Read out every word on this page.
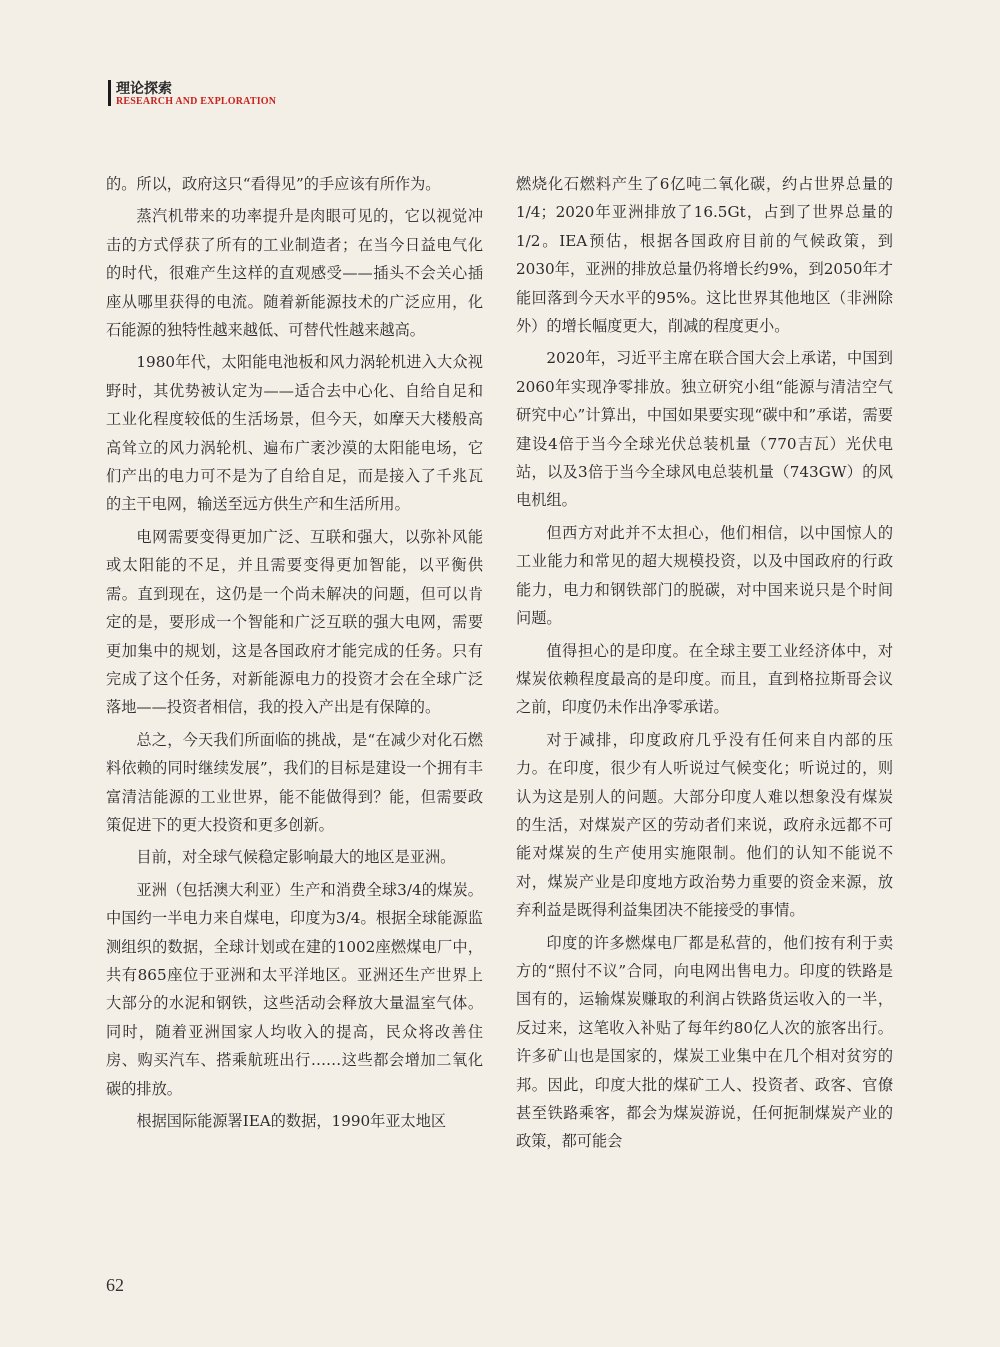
理论探索
RESEARCH AND EXPLORATION

的。所以，政府这只“看得见”的手应该有所作为。

蒸汽机带来的功率提升是肉眼可见的，它以视觉冲击的方式俘获了所有的工业制造者；在当今日益电气化的时代，很难产生这样的直观感受——插头不会关心插座从哪里获得的电流。随着新能源技术的广泛应用，化石能源的独特性越来越低、可替代性越来越高。

1980年代，太阳能电池板和风力涡轮机进入大众视野时，其优势被认定为——适合去中心化、自给自足和工业化程度较低的生活场景，但今天，如摩天大楼般高高耸立的风力涡轮机、遍布广袤沙漠的太阳能电场，它们产出的电力可不是为了自给自足，而是接入了千兆瓦的主干电网，输送至远方供生产和生活所用。

电网需要变得更加广泛、互联和强大，以弥补风能或太阳能的不足，并且需要变得更加智能，以平衡供需。直到现在，这仍是一个尚未解决的问题，但可以肯定的是，要形成一个智能和广泛互联的强大电网，需要更加集中的规划，这是各国政府才能完成的任务。只有完成了这个任务，对新能源电力的投资才会在全球广泛落地——投资者相信，我的投入产出是有保障的。

总之，今天我们所面临的挑战，是“在减少对化石燃料依赖的同时继续发展”，我们的目标是建设一个拥有丰富清洁能源的工业世界，能不能做得到？能，但需要政策促进下的更大投资和更多创新。

目前，对全球气候稳定影响最大的地区是亚洲。

亚洲（包括澳大利亚）生产和消费全球3/4的煤炭。中国约一半电力来自煤电，印度为3/4。根据全球能源监测组织的数据，全球计划或在建的1002座燃煤电厂中，共有865座位于亚洲和太平洋地区。亚洲还生产世界上大部分的水泥和钢铁，这些活动会释放大量温室气体。同时，随着亚洲国家人均收入的提高，民众将改善住房、购买汽车、搭乘航班出行……这些都会增加二氧化碳的排放。

根据国际能源署IEA的数据，1990年亚太地区

燃烧化石燃料产生了6亿吨二氧化碳，约占世界总量的1/4；2020年亚洲排放了16.5Gt，占到了世界总量的1/2。IEA预估，根据各国政府目前的气候政策，到2030年，亚洲的排放总量仍将增长约9%，到2050年才能回落到今天水平的95%。这比世界其他地区（非洲除外）的增长幅度更大，削减的程度更小。

2020年，习近平主席在联合国大会上承诺，中国到2060年实现净零排放。独立研究小组“能源与清洁空气研究中心”计算出，中国如果要实现“碳中和”承诺，需要建设4倍于当今全球光伏总装机量（770吉瓦）光伏电站，以及3倍于当今全球风电总装机量（743GW）的风电机组。

但西方对此并不太担心，他们相信，以中国惊人的工业能力和常见的超大规模投资，以及中国政府的行政能力，电力和钢铁部门的脱碳，对中国来说只是个时间问题。

值得担心的是印度。在全球主要工业经济体中，对煤炭依赖程度最高的是印度。而且，直到格拉斯哥会议之前，印度仍未作出净零承诺。

对于减排，印度政府几乎没有任何来自内部的压力。在印度，很少有人听说过气候变化；听说过的，则认为这是别人的问题。大部分印度人难以想象没有煤炭的生活，对煤炭产区的劳动者们来说，政府永远都不可能对煤炭的生产使用实施限制。他们的认知不能说不对，煤炭产业是印度地方政治势力重要的资金来源，放弃利益是既得利益集团决不能接受的事情。

印度的许多燃煤电厂都是私营的，他们按有利于卖方的“照付不议”合同，向电网出售电力。印度的铁路是国有的，运输煤炭赚取的利润占铁路货运收入的一半，反过来，这笔收入补贴了每年约80亿人次的旅客出行。许多矿山也是国家的，煤炭工业集中在几个相对贫穷的邦。因此，印度大批的煤矿工人、投资者、政客、官僚甚至铁路乘客，都会为煤炭游说，任何扼制煤炭产业的政策，都可能会

62
